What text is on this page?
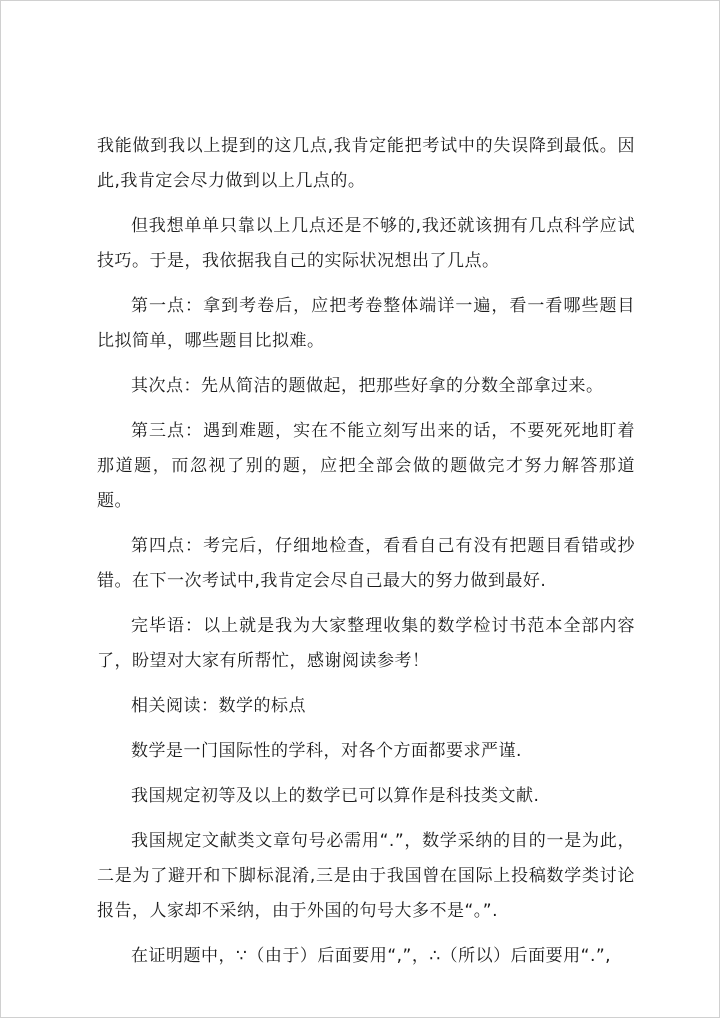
我能做到我以上提到的这几点,我肯定能把考试中的失误降到最低。因此,我肯定会尽力做到以上几点的。

但我想单单只靠以上几点还是不够的,我还就该拥有几点科学应试技巧。于是，我依据我自己的实际状况想出了几点。

第一点：拿到考卷后，应把考卷整体端详一遍，看一看哪些题目比拟简单，哪些题目比拟难。

其次点：先从简洁的题做起，把那些好拿的分数全部拿过来。

第三点：遇到难题，实在不能立刻写出来的话，不要死死地盯着那道题，而忽视了别的题，应把全部会做的题做完才努力解答那道题。

第四点：考完后，仔细地检查，看看自己有没有把题目看错或抄错。在下一次考试中,我肯定会尽自己最大的努力做到最好.

完毕语：以上就是我为大家整理收集的数学检讨书范本全部内容了，盼望对大家有所帮忙，感谢阅读参考！

相关阅读：数学的标点

数学是一门国际性的学科，对各个方面都要求严谨.

我国规定初等及以上的数学已可以算作是科技类文献.

我国规定文献类文章句号必需用“.”，数学采纳的目的一是为此，二是为了避开和下脚标混淆,三是由于我国曾在国际上投稿数学类讨论报告，人家却不采纳，由于外国的句号大多不是“。”.

在证明题中，∵（由于）后面要用“,”，∴（所以）后面要用“.”,
